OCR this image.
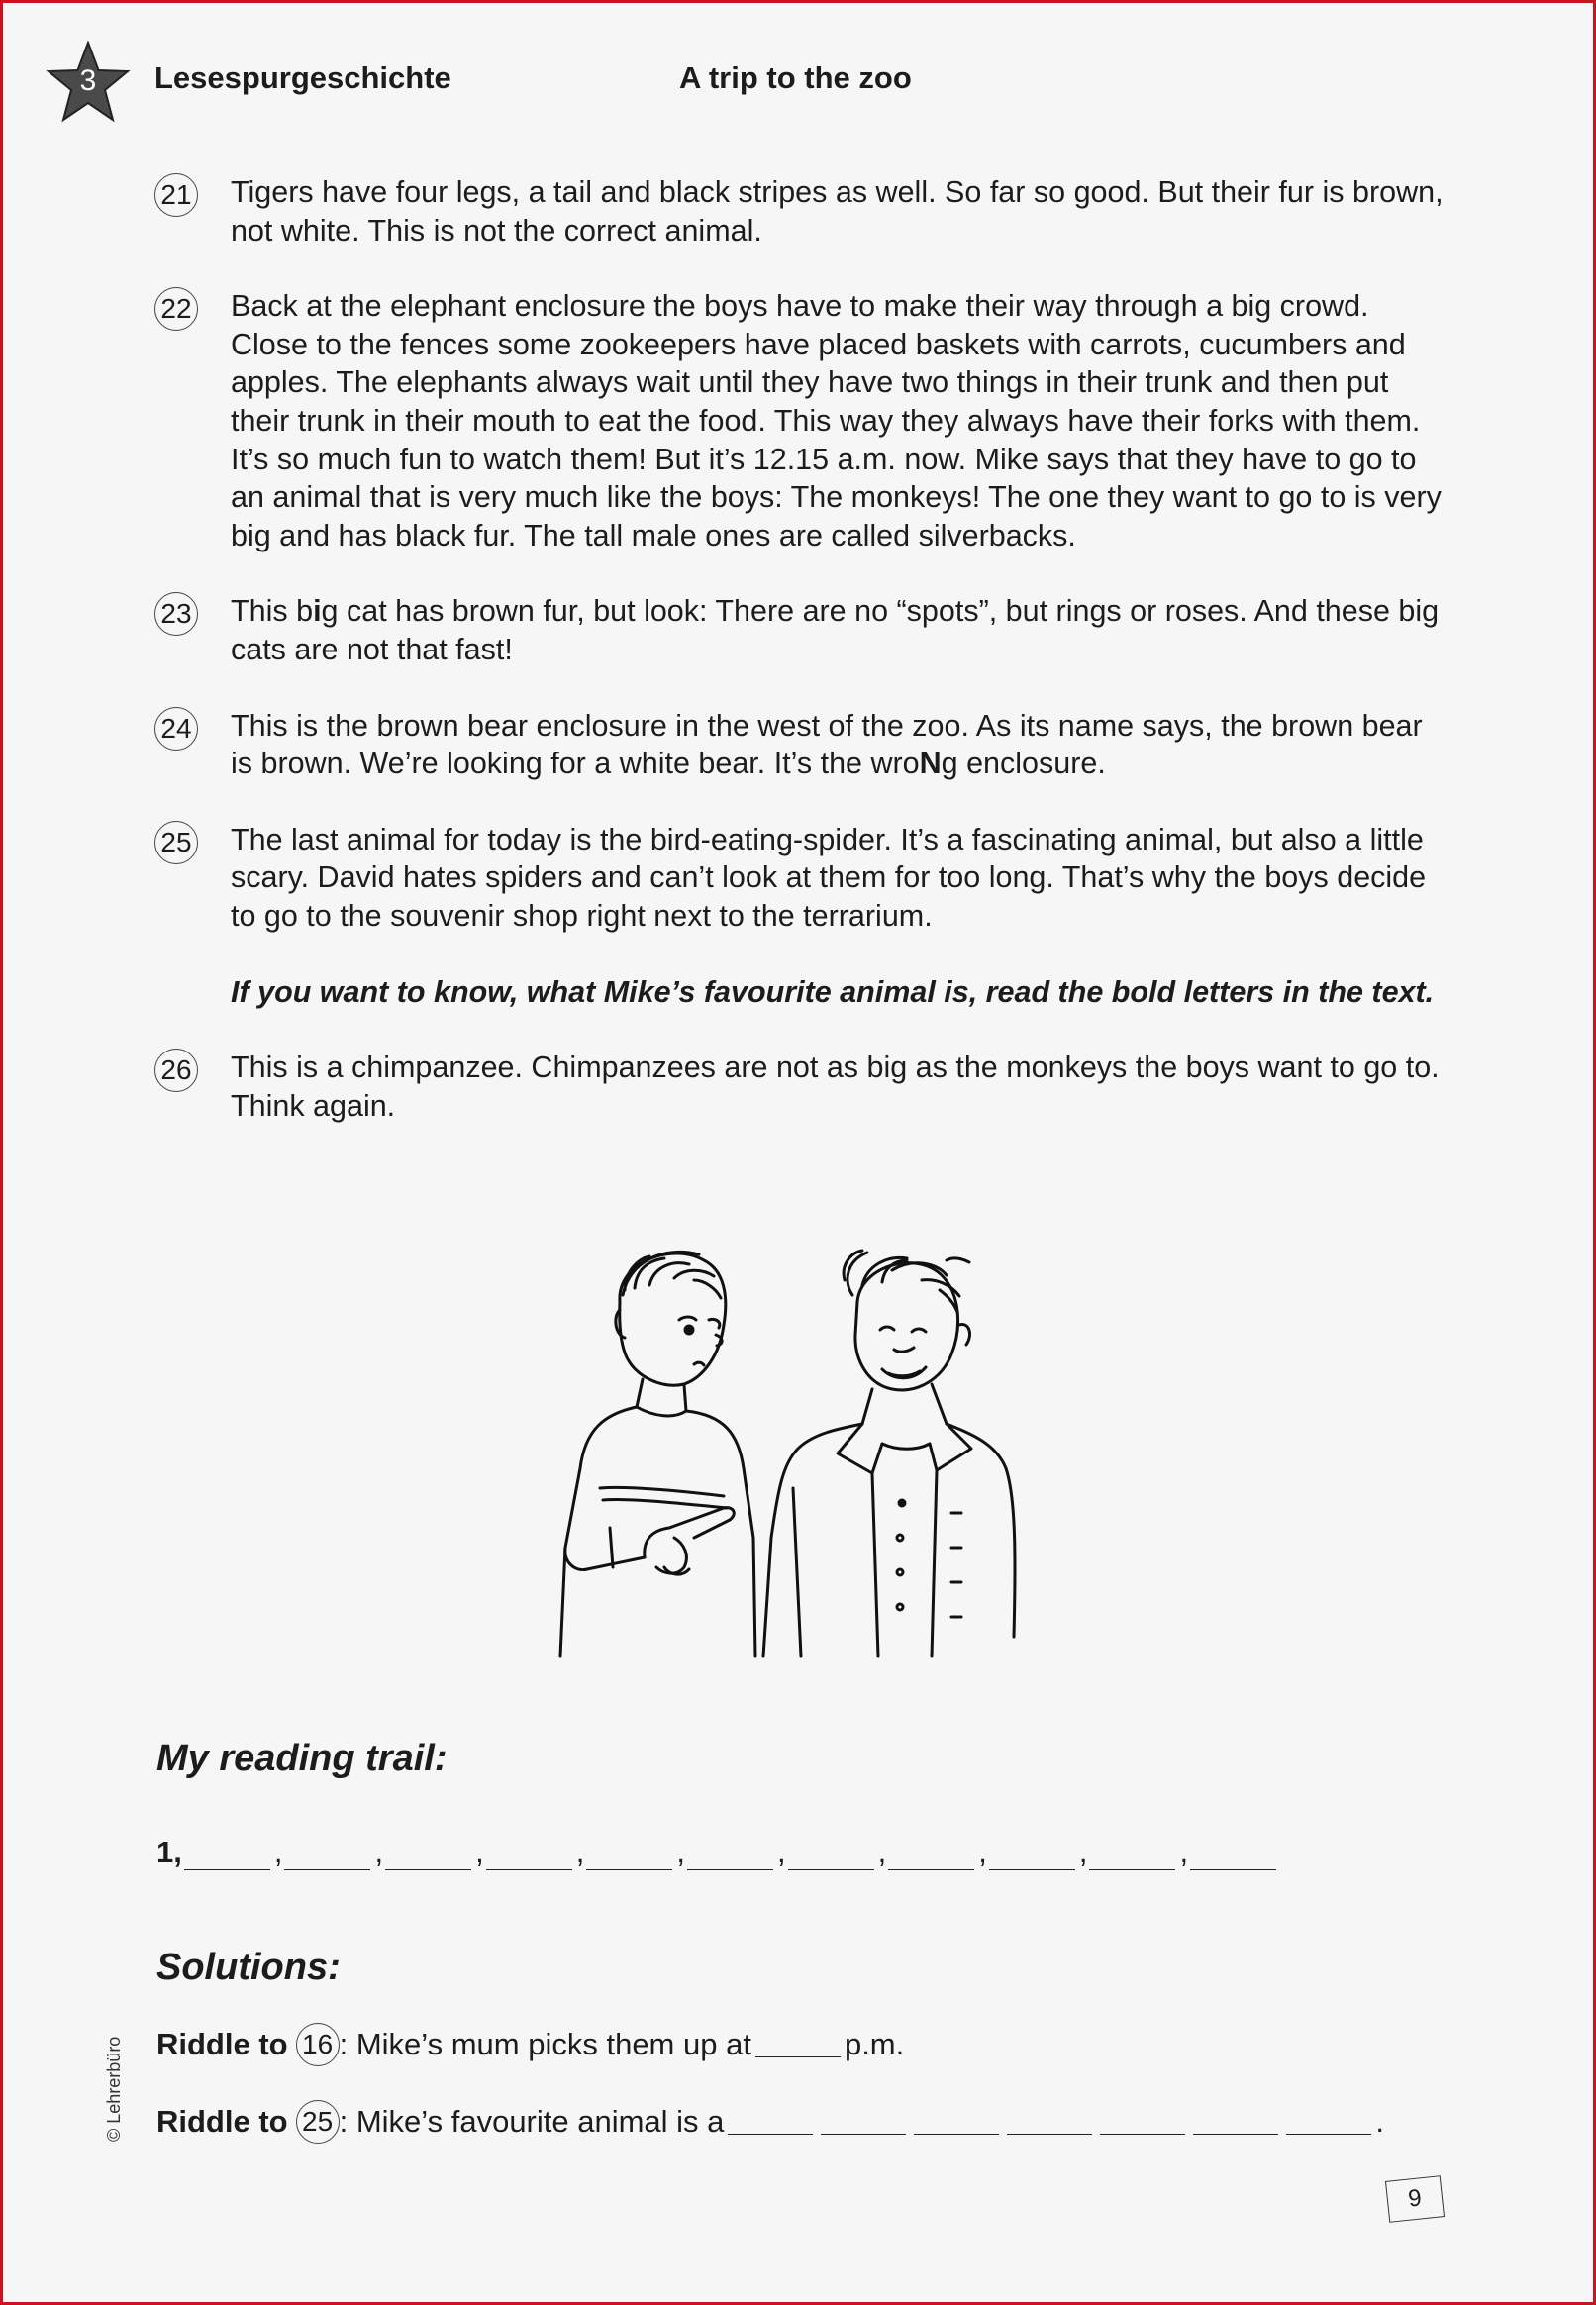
3	Lesespurgeschichte	A trip to the zoo
21 Tigers have four legs, a tail and black stripes as well. So far so good. But their fur is brown, not white. This is not the correct animal.
22 Back at the elephant enclosure the boys have to make their way through a big crowd. Close to the fences some zookeepers have placed baskets with carrots, cucumbers and apples. The elephants always wait until they have two things in their trunk and then put their trunk in their mouth to eat the food. This way they always have their forks with them. It’s so much fun to watch them! But it’s 12.15 a.m. now. Mike says that they have to go to an animal that is very much like the boys: The monkeys! The one they want to go to is very big and has black fur. The tall male ones are called silverbacks.
23 This big cat has brown fur, but look: There are no “spots”, but rings or roses. And these big cats are not that fast!
24 This is the brown bear enclosure in the west of the zoo. As its name says, the brown bear is brown. We’re looking for a white bear. It’s the wroNg enclosure.
25 The last animal for today is the bird-eating-spider. It’s a fascinating animal, but also a little scary. David hates spiders and can’t look at them for too long. That’s why the boys decide to go to the souvenir shop right next to the terrarium.
If you want to know, what Mike’s favourite animal is, read the bold letters in the text.
26 This is a chimpanzee. Chimpanzees are not as big as the monkeys the boys want to go to. Think again.
My reading trail:
1,	,	,	,	,	,	,	,	,	,	,
Solutions:
Riddle to 16 : Mike’s mum picks them up at	p.m.
Riddle to 25 : Mike’s favourite animal is a	.
© Lehrerbüro
9
